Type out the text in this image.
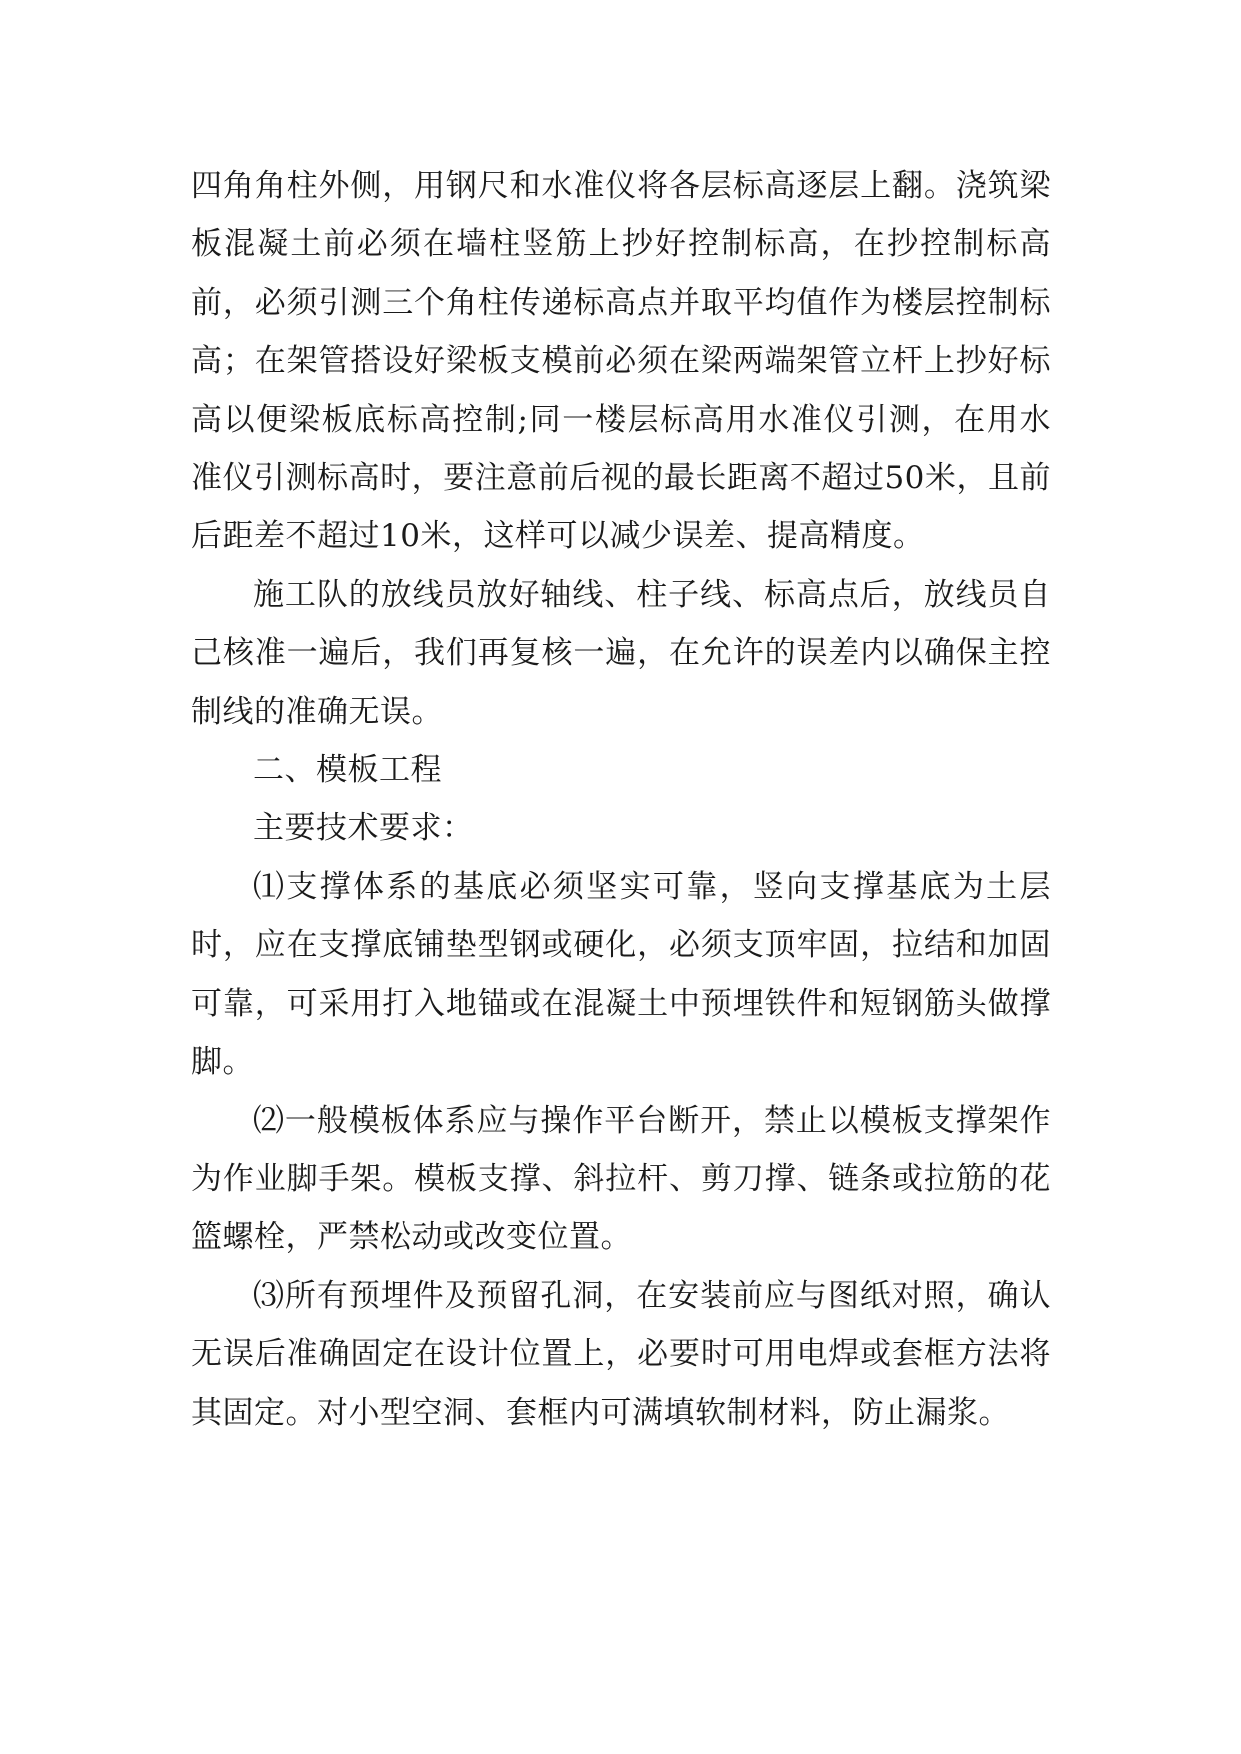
四角角柱外侧，用钢尺和水准仪将各层标高逐层上翻。浇筑梁板混凝土前必须在墙柱竖筋上抄好控制标高，在抄控制标高前，必须引测三个角柱传递标高点并取平均值作为楼层控制标高；在架管搭设好梁板支模前必须在梁两端架管立杆上抄好标高以便梁板底标高控制;同一楼层标高用水准仪引测，在用水准仪引测标高时，要注意前后视的最长距离不超过50米，且前后距差不超过10米，这样可以减少误差、提高精度。

施工队的放线员放好轴线、柱子线、标高点后，放线员自己核准一遍后，我们再复核一遍，在允许的误差内以确保主控制线的准确无误。

二、模板工程

主要技术要求：

⑴支撑体系的基底必须坚实可靠，竖向支撑基底为土层时，应在支撑底铺垫型钢或硬化，必须支顶牢固，拉结和加固可靠，可采用打入地锚或在混凝土中预埋铁件和短钢筋头做撑脚。

⑵一般模板体系应与操作平台断开，禁止以模板支撑架作为作业脚手架。模板支撑、斜拉杆、剪刀撑、链条或拉筋的花篮螺栓，严禁松动或改变位置。

⑶所有预埋件及预留孔洞，在安装前应与图纸对照，确认无误后准确固定在设计位置上，必要时可用电焊或套框方法将其固定。对小型空洞、套框内可满填软制材料，防止漏浆。
